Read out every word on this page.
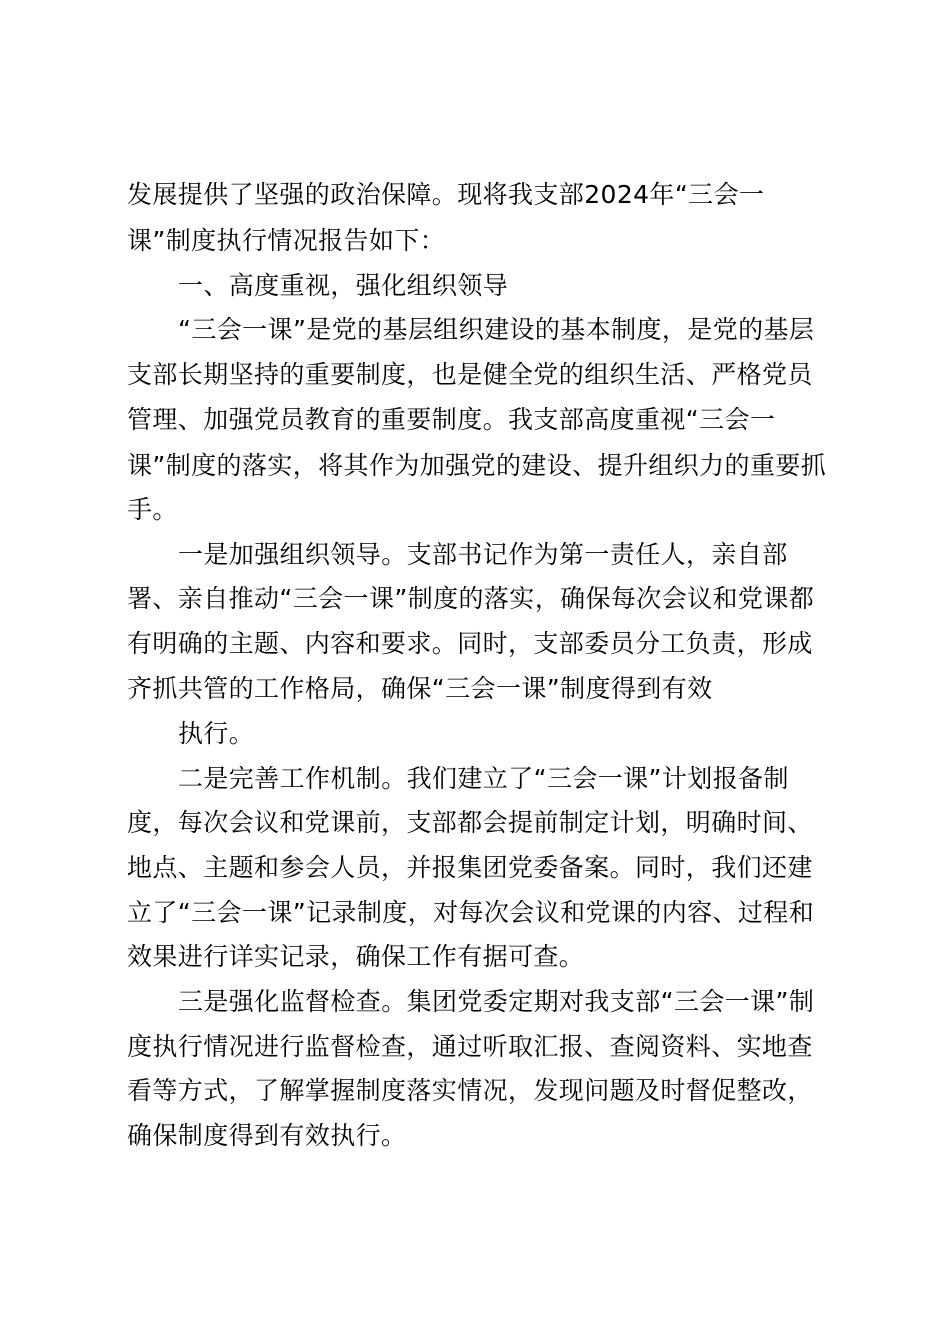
发展提供了坚强的政治保障。现将我支部2024年“三会一
课”制度执行情况报告如下：
一、高度重视，强化组织领导
“三会一课”是党的基层组织建设的基本制度，是党的基层
支部长期坚持的重要制度，也是健全党的组织生活、严格党员
管理、加强党员教育的重要制度。我支部高度重视“三会一
课”制度的落实，将其作为加强党的建设、提升组织力的重要抓
手。
一是加强组织领导。支部书记作为第一责任人，亲自部
署、亲自推动“三会一课”制度的落实，确保每次会议和党课都
有明确的主题、内容和要求。同时，支部委员分工负责，形成
齐抓共管的工作格局，确保“三会一课”制度得到有效
执行。
二是完善工作机制。我们建立了“三会一课”计划报备制
度，每次会议和党课前，支部都会提前制定计划，明确时间、
地点、主题和参会人员，并报集团党委备案。同时，我们还建
立了“三会一课”记录制度，对每次会议和党课的内容、过程和
效果进行详实记录，确保工作有据可查。
三是强化监督检查。集团党委定期对我支部“三会一课”制
度执行情况进行监督检查，通过听取汇报、查阅资料、实地查
看等方式，了解掌握制度落实情况，发现问题及时督促整改，
确保制度得到有效执行。
